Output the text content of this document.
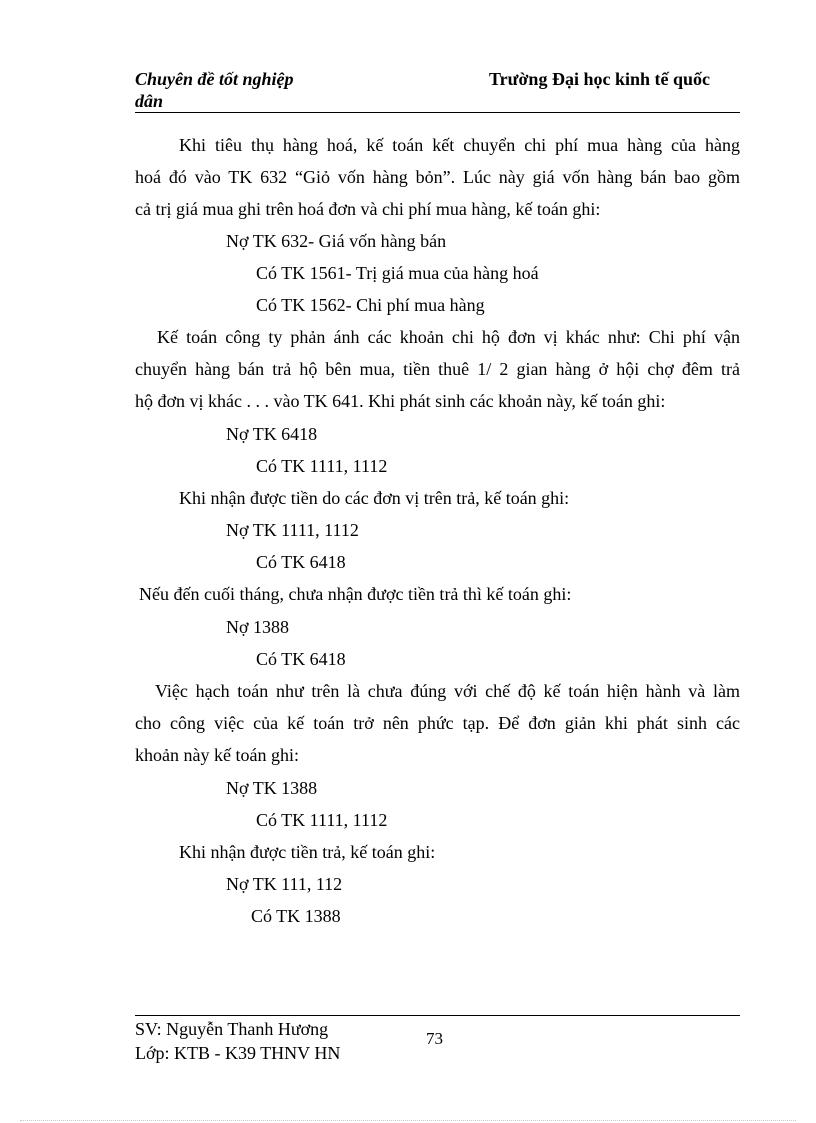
Chuyên đề tốt nghiệp	Trường Đại học kinh tế quốc
dân
Khi tiêu thụ hàng hoá, kế toán kết chuyển chi phí mua hàng của hàng
hoá đó vào TK 632 “Giỏ vốn hàng bỏn”. Lúc này giá vốn hàng bán bao gồm
cả trị giá mua ghi trên hoá đơn và chi phí mua hàng, kế toán ghi:
Nợ TK 632- Giá vốn hàng bán
Có TK 1561- Trị giá mua của hàng hoá
Có TK 1562- Chi phí mua hàng
Kế toán công ty phản ánh các khoản chi hộ đơn vị khác như: Chi phí vận
chuyển hàng bán trả hộ bên mua, tiền thuê 1/ 2 gian hàng ở hội chợ đêm trả
hộ đơn vị khác . . . vào TK 641. Khi phát sinh các khoản này, kế toán ghi:
Nợ TK 6418
Có TK 1111, 1112
Khi nhận được tiền do các đơn vị trên trả, kế toán ghi:
Nợ TK 1111, 1112
Có TK 6418
Nếu đến cuối tháng, chưa nhận được tiền trả thì kế toán ghi:
Nợ 1388
Có TK 6418
Việc hạch toán như trên là chưa đúng với chế độ kế toán hiện hành và làm
cho công việc của kế toán trở nên phức tạp. Để đơn giản khi phát sinh các
khoản này kế toán ghi:
Nợ TK 1388
Có TK 1111, 1112
Khi nhận được tiền trả, kế toán ghi:
Nợ TK 111, 112
Có TK 1388
SV: Nguyễn Thanh Hương
Lớp: KTB - K39 THNV HN
73
